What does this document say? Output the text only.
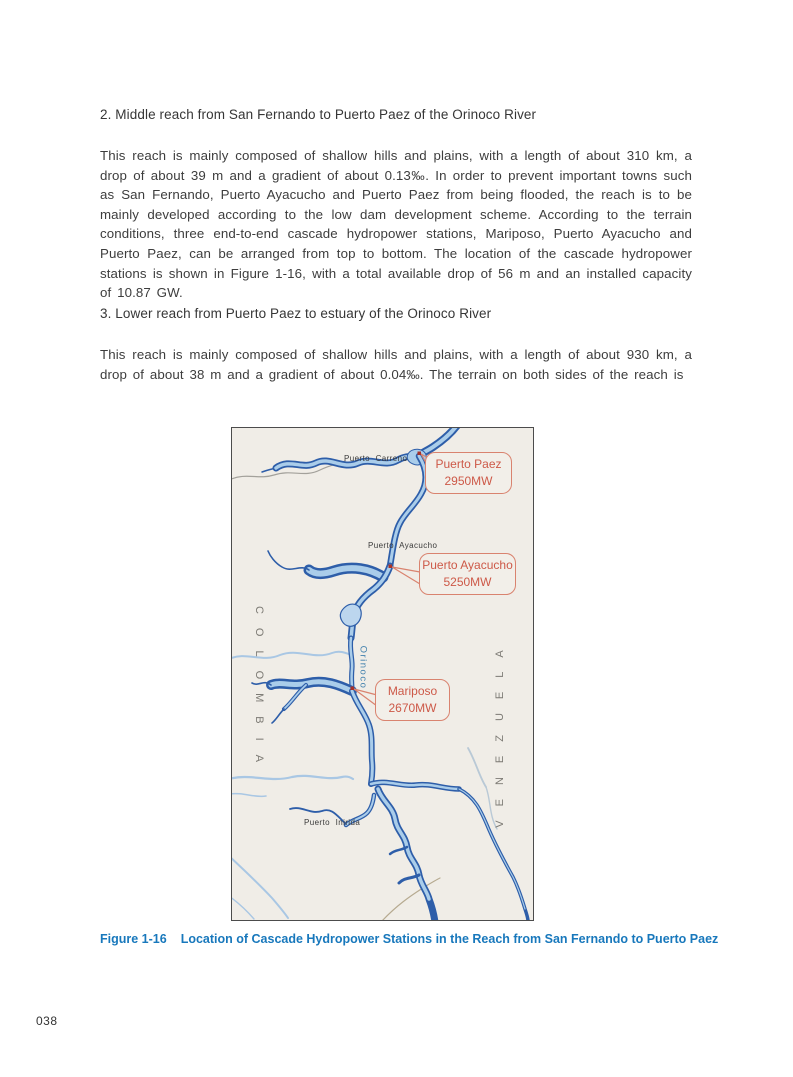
2. Middle reach from San Fernando to Puerto Paez of the Orinoco River
This reach is mainly composed of shallow hills and plains, with a length of about 310 km, a drop of about 39 m and a gradient of about 0.13‰. In order to prevent important towns such as San Fernando, Puerto Ayacucho and Puerto Paez from being flooded, the reach is to be mainly developed according to the low dam development scheme. According to the terrain conditions, three end-to-end cascade hydropower stations, Mariposo, Puerto Ayacucho and Puerto Paez, can be arranged from top to bottom. The location of the cascade hydropower stations is shown in Figure 1-16, with a total available drop of 56 m and an installed capacity of 10.87 GW.
3. Lower reach from Puerto Paez to estuary of the Orinoco River
This reach is mainly composed of shallow hills and plains, with a length of about 930 km, a drop of about 38 m and a gradient of about 0.04‰. The terrain on both sides of the reach is
COLOMBIA	VENEZUELA
Orinoco
Puerto Carreno
Puerto Ayacucho
Puerto Inirida
Puerto Paez
2950MW
Puerto Ayacucho
5250MW
Mariposo
2670MW
Figure 1-16 Location of Cascade Hydropower Stations in the Reach from San Fernando to Puerto Paez
038
